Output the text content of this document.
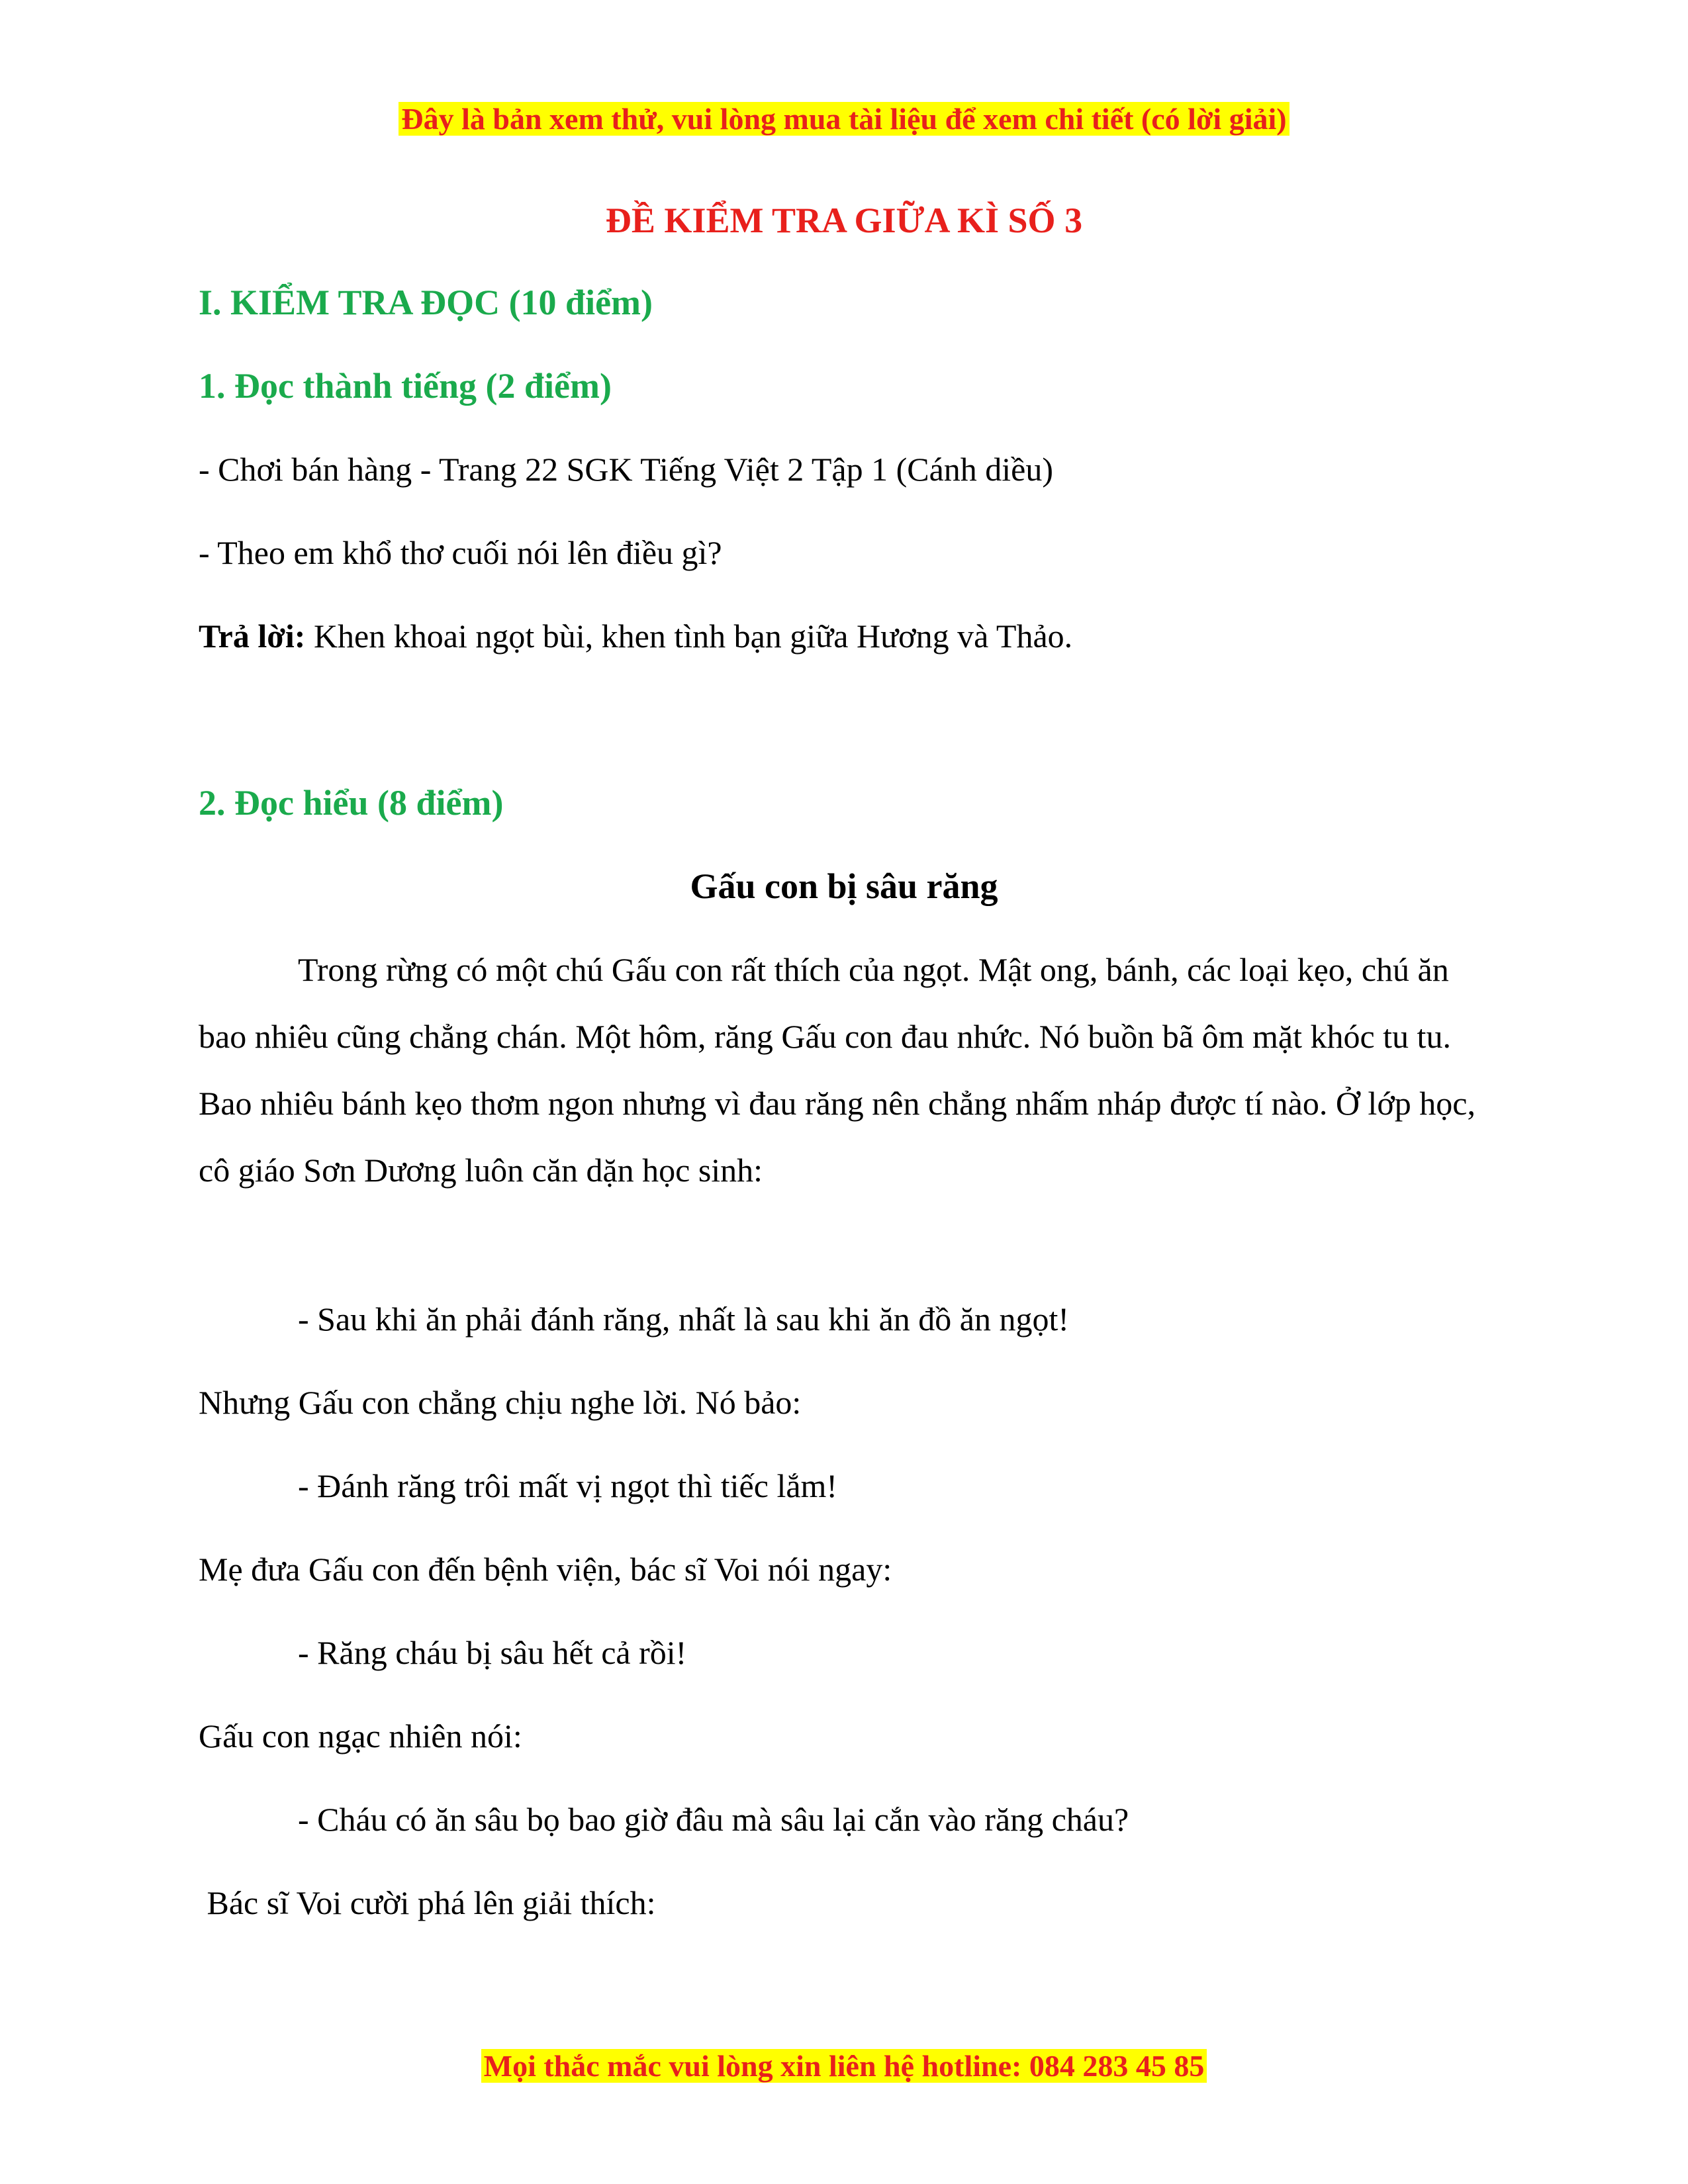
Đây là bản xem thử, vui lòng mua tài liệu để xem chi tiết (có lời giải)
ĐỀ KIỂM TRA GIỮA KÌ SỐ 3
I. KIỂM TRA ĐỌC (10 điểm)
1. Đọc thành tiếng (2 điểm)
- Chơi bán hàng - Trang 22 SGK Tiếng Việt 2 Tập 1 (Cánh diều)
- Theo em khổ thơ cuối nói lên điều gì?
Trả lời: Khen khoai ngọt bùi, khen tình bạn giữa Hương và Thảo.
2. Đọc hiểu (8 điểm)
Gấu con bị sâu răng
Trong rừng có một chú Gấu con rất thích của ngọt. Mật ong, bánh, các loại kẹo, chú ăn bao nhiêu cũng chẳng chán. Một hôm, răng Gấu con đau nhức. Nó buồn bã ôm mặt khóc tu tu. Bao nhiêu bánh kẹo thơm ngon nhưng vì đau răng nên chẳng nhấm nháp được tí nào. Ở lớp học, cô giáo Sơn Dương luôn căn dặn học sinh:
- Sau khi ăn phải đánh răng, nhất là sau khi ăn đồ ăn ngọt!
Nhưng Gấu con chẳng chịu nghe lời. Nó bảo:
- Đánh răng trôi mất vị ngọt thì tiếc lắm!
Mẹ đưa Gấu con đến bệnh viện, bác sĩ Voi nói ngay:
- Răng cháu bị sâu hết cả rồi!
Gấu con ngạc nhiên nói:
- Cháu có ăn sâu bọ bao giờ đâu mà sâu lại cắn vào răng cháu?
Bác sĩ Voi cười phá lên giải thích:
Mọi thắc mắc vui lòng xin liên hệ hotline: 084 283 45 85
